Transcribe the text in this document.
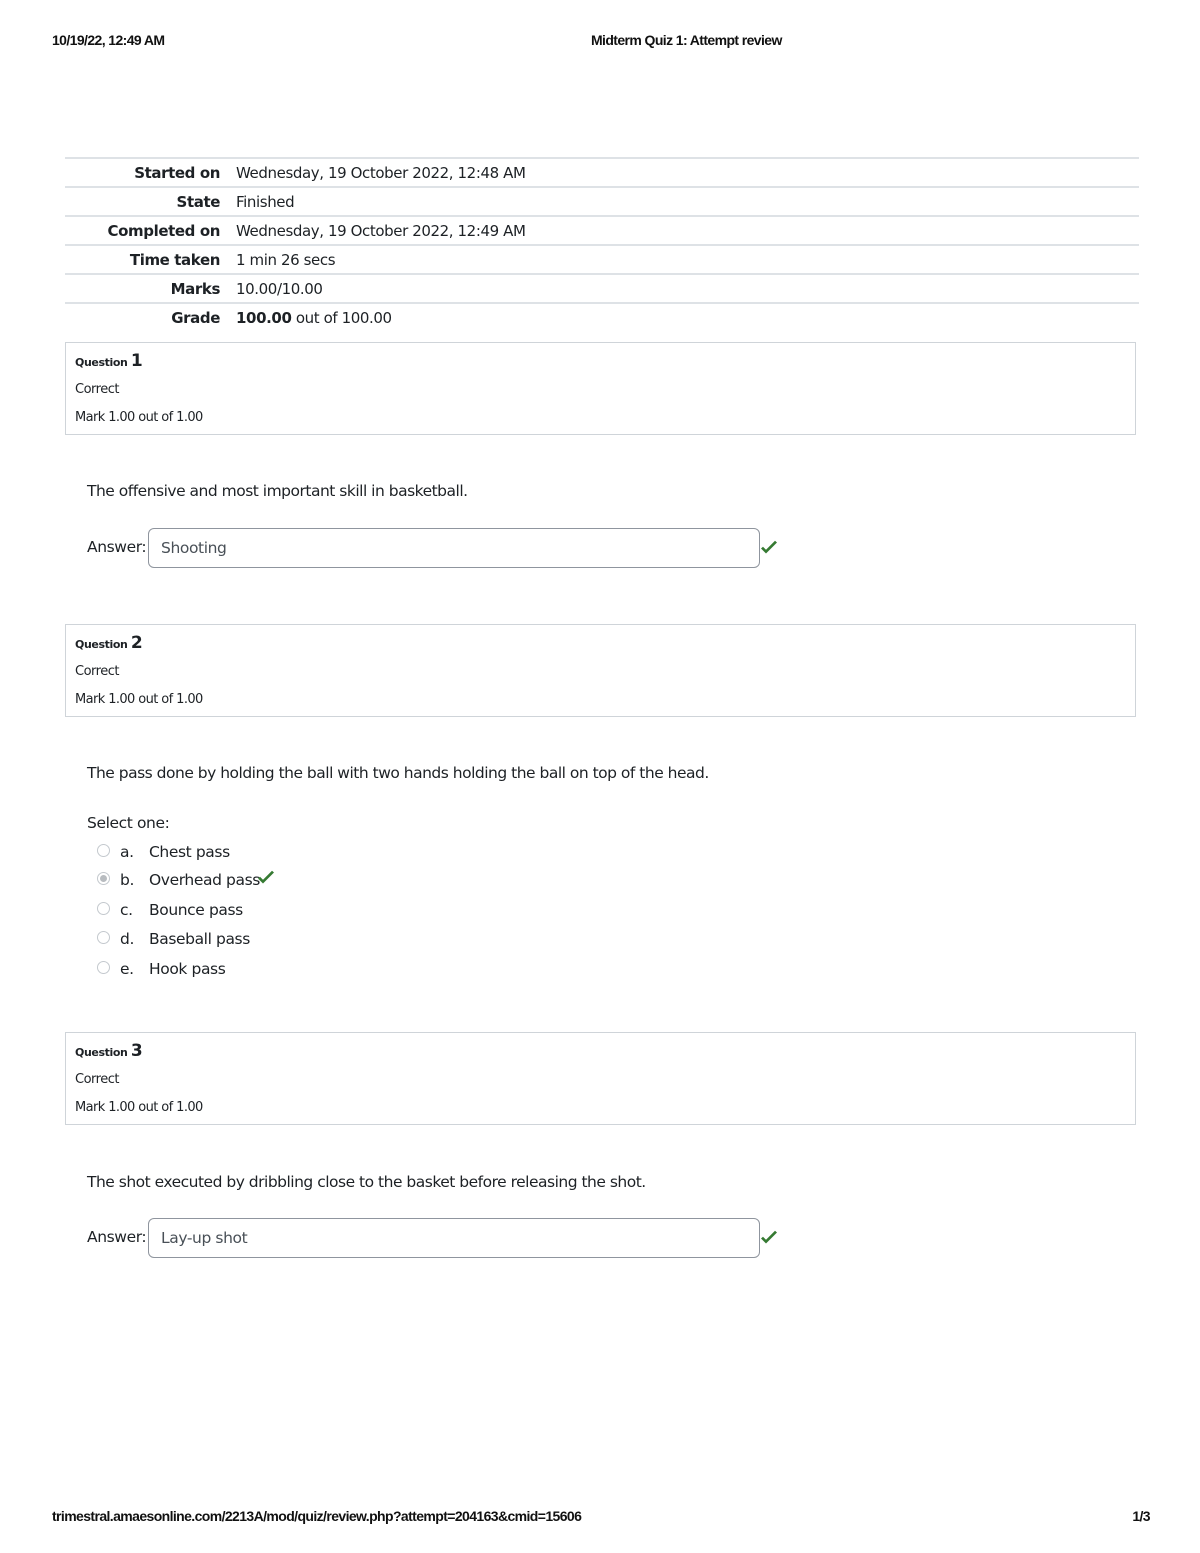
10/19/22, 12:49 AM	Midterm Quiz 1: Attempt review
Started on	Wednesday, 19 October 2022, 12:48 AM
State	Finished
Completed on	Wednesday, 19 October 2022, 12:49 AM
Time taken	1 min 26 secs
Marks	10.00/10.00
Grade	100.00 out of 100.00
Question 1
Correct
Mark 1.00 out of 1.00
The offensive and most important skill in basketball.
Answer:
Shooting
Question 2
Correct
Mark 1.00 out of 1.00
The pass done by holding the ball with two hands holding the ball on top of the head.
Select one:
a. Chest pass
b. Overhead pass
c. Bounce pass
d. Baseball pass
e. Hook pass
Question 3
Correct
Mark 1.00 out of 1.00
The shot executed by dribbling close to the basket before releasing the shot.
Answer:
Lay-up shot
trimestral.amaesonline.com/2213A/mod/quiz/review.php?attempt=204163&cmid=15606	1/3
